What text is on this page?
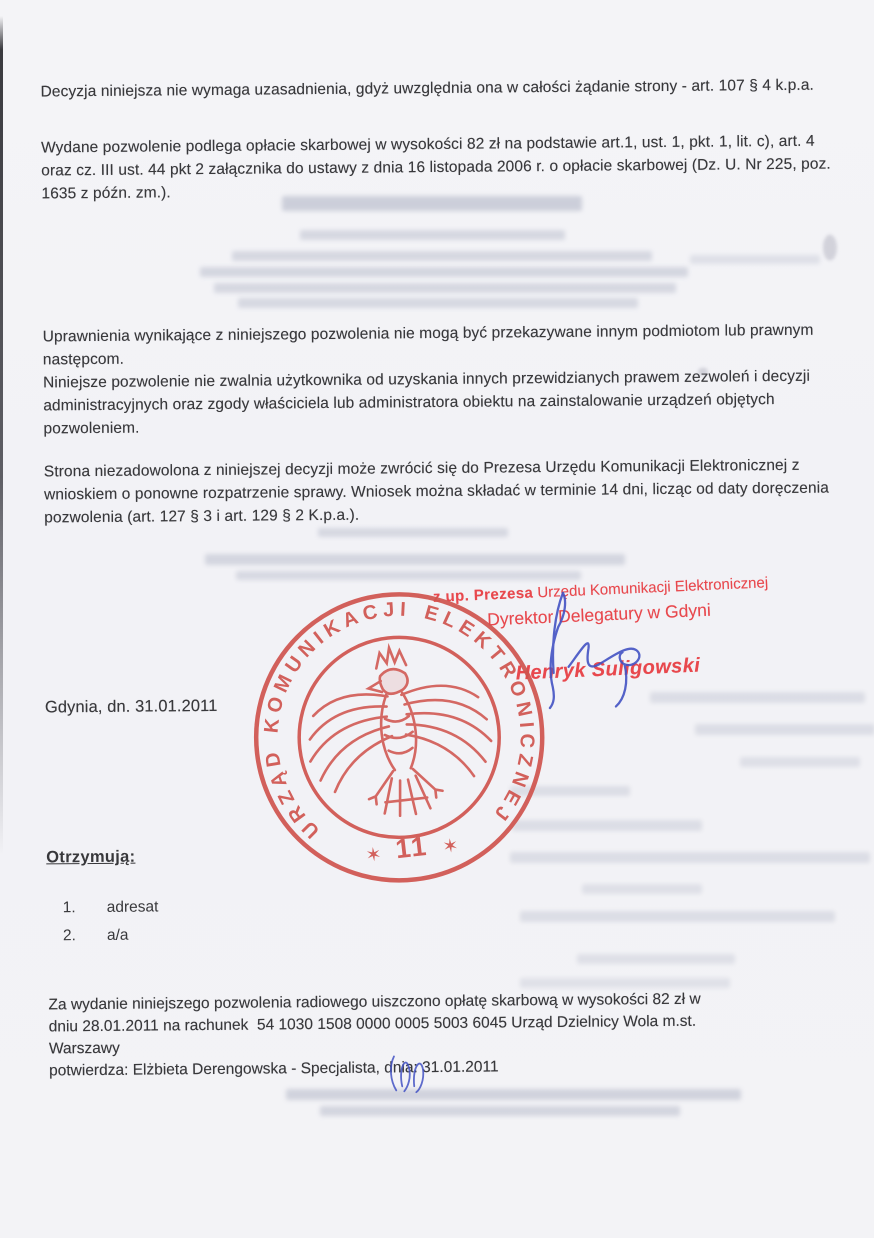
Decyzja niniejsza nie wymaga uzasadnienia, gdyż uwzględnia ona w całości żądanie strony - art. 107 § 4 k.p.a.

Wydane pozwolenie podlega opłacie skarbowej w wysokości 82 zł na podstawie art.1, ust. 1, pkt. 1, lit. c), art. 4 oraz cz. III ust. 44 pkt 2 załącznika do ustawy z dnia 16 listopada 2006 r. o opłacie skarbowej (Dz. U. Nr 225, poz. 1635 z późn. zm.).

Uprawnienia wynikające z niniejszego pozwolenia nie mogą być przekazywane innym podmiotom lub prawnym następcom.

Niniejsze pozwolenie nie zwalnia użytkownika od uzyskania innych przewidzianych prawem zezwoleń i decyzji administracyjnych oraz zgody właściciela lub administratora obiektu na zainstalowanie urządzeń objętych pozwoleniem.

Strona niezadowolona z niniejszej decyzji może zwrócić się do Prezesa Urzędu Komunikacji Elektronicznej z wnioskiem o ponowne rozpatrzenie sprawy. Wniosek można składać w terminie 14 dni, licząc od daty doręczenia pozwolenia (art. 127 § 3 i art. 129 § 2 K.p.a.).

z up. Prezesa Urzędu Komunikacji Elektronicznej
Dyrektor Delegatury w Gdyni
Henryk Suligowski
URZĄD KOMUNIKACJI ELEKTRONICZNEJ
✶ 11 ✶
Gdynia, dn. 31.01.2011
Otrzymują:
1. adresat
2. a/a
Za wydanie niniejszego pozwolenia radiowego uiszczono opłatę skarbową w wysokości 82 zł w
dniu 28.01.2011 na rachunek  54 1030 1508 0000 0005 5003 6045 Urząd Dzielnicy Wola m.st.
Warszawy
potwierdza: Elżbieta Derengowska - Specjalista, dnia: 31.01.2011
